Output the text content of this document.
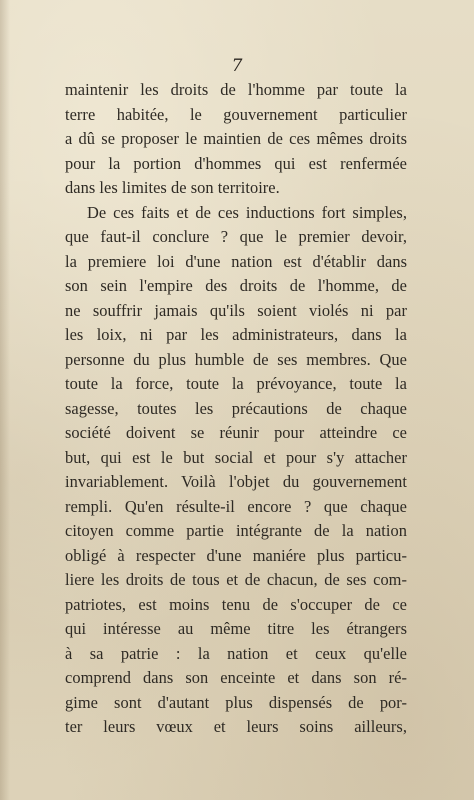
7
maintenir les droits de l'homme par toute la
terre habitée, le gouvernement particulier
a dû se proposer le maintien de ces mêmes droits
pour la portion d'hommes qui est renfermée
dans les limites de son territoire.
De ces faits et de ces inductions fort simples,
que faut-il conclure ? que le premier devoir,
la premiere loi d'une nation est d'établir dans
son sein l'empire des droits de l'homme, de
ne souffrir jamais qu'ils soient violés ni par
les loix, ni par les administrateurs, dans la
personne du plus humble de ses membres. Que
toute la force, toute la prévoyance, toute la
sagesse, toutes les précautions de chaque
société doivent se réunir pour atteindre ce
but, qui est le but social et pour s'y attacher
invariablement. Voilà l'objet du gouvernement
rempli. Qu'en résulte-il encore ? que chaque
citoyen comme partie intégrante de la nation
obligé à respecter d'une maniére plus particu-
liere les droits de tous et de chacun, de ses com-
patriotes, est moins tenu de s'occuper de ce
qui intéresse au même titre les étrangers
à sa patrie : la nation et ceux qu'elle
comprend dans son enceinte et dans son ré-
gime sont d'autant plus dispensés de por-
ter leurs vœux et leurs soins ailleurs,
